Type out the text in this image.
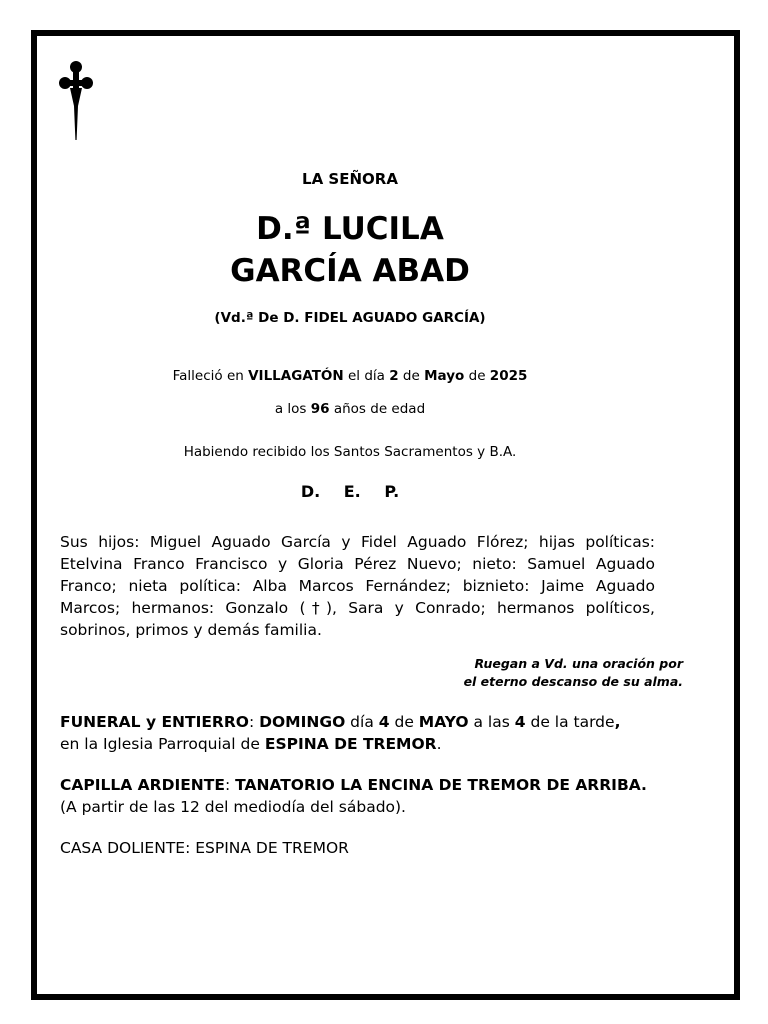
LA SEÑORA
D.ª LUCILA
GARCÍA ABAD
(Vd.ª De D. FIDEL AGUADO GARCÍA)
Falleció en VILLAGATÓN el día 2 de Mayo de 2025
a los 96 años de edad
Habiendo recibido los Santos Sacramentos y B.A.
D. E. P.
Sus hijos: Miguel Aguado García y Fidel Aguado Flórez; hijas políticas: Etelvina Franco Francisco y Gloria Pérez Nuevo; nieto: Samuel Aguado Franco; nieta política: Alba Marcos Fernández; biznieto: Jaime Aguado Marcos; hermanos: Gonzalo (†), Sara y Conrado; hermanos políticos, sobrinos, primos y demás familia.
Ruegan a Vd. una oración por
el eterno descanso de su alma.
FUNERAL y ENTIERRO: DOMINGO día 4 de MAYO a las 4 de la tarde,
en la Iglesia Parroquial de ESPINA DE TREMOR.
CAPILLA ARDIENTE: TANATORIO LA ENCINA DE TREMOR DE ARRIBA.
(A partir de las 12 del mediodía del sábado).
CASA DOLIENTE: ESPINA DE TREMOR
